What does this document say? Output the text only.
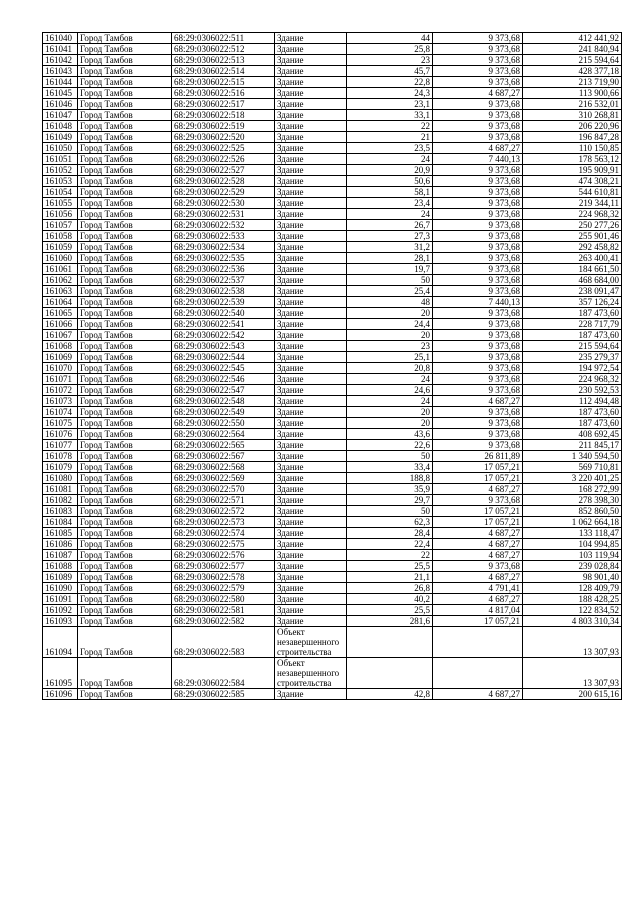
161040	Город Тамбов	68:29:0306022:511	Здание	44	9 373,68	412 441,92
161041	Город Тамбов	68:29:0306022:512	Здание	25,8	9 373,68	241 840,94
161042	Город Тамбов	68:29:0306022:513	Здание	23	9 373,68	215 594,64
161043	Город Тамбов	68:29:0306022:514	Здание	45,7	9 373,68	428 377,18
161044	Город Тамбов	68:29:0306022:515	Здание	22,8	9 373,68	213 719,90
161045	Город Тамбов	68:29:0306022:516	Здание	24,3	4 687,27	113 900,66
161046	Город Тамбов	68:29:0306022:517	Здание	23,1	9 373,68	216 532,01
161047	Город Тамбов	68:29:0306022:518	Здание	33,1	9 373,68	310 268,81
161048	Город Тамбов	68:29:0306022:519	Здание	22	9 373,68	206 220,96
161049	Город Тамбов	68:29:0306022:520	Здание	21	9 373,68	196 847,28
161050	Город Тамбов	68:29:0306022:525	Здание	23,5	4 687,27	110 150,85
161051	Город Тамбов	68:29:0306022:526	Здание	24	7 440,13	178 563,12
161052	Город Тамбов	68:29:0306022:527	Здание	20,9	9 373,68	195 909,91
161053	Город Тамбов	68:29:0306022:528	Здание	50,6	9 373,68	474 308,21
161054	Город Тамбов	68:29:0306022:529	Здание	58,1	9 373,68	544 610,81
161055	Город Тамбов	68:29:0306022:530	Здание	23,4	9 373,68	219 344,11
161056	Город Тамбов	68:29:0306022:531	Здание	24	9 373,68	224 968,32
161057	Город Тамбов	68:29:0306022:532	Здание	26,7	9 373,68	250 277,26
161058	Город Тамбов	68:29:0306022:533	Здание	27,3	9 373,68	255 901,46
161059	Город Тамбов	68:29:0306022:534	Здание	31,2	9 373,68	292 458,82
161060	Город Тамбов	68:29:0306022:535	Здание	28,1	9 373,68	263 400,41
161061	Город Тамбов	68:29:0306022:536	Здание	19,7	9 373,68	184 661,50
161062	Город Тамбов	68:29:0306022:537	Здание	50	9 373,68	468 684,00
161063	Город Тамбов	68:29:0306022:538	Здание	25,4	9 373,68	238 091,47
161064	Город Тамбов	68:29:0306022:539	Здание	48	7 440,13	357 126,24
161065	Город Тамбов	68:29:0306022:540	Здание	20	9 373,68	187 473,60
161066	Город Тамбов	68:29:0306022:541	Здание	24,4	9 373,68	228 717,79
161067	Город Тамбов	68:29:0306022:542	Здание	20	9 373,68	187 473,60
161068	Город Тамбов	68:29:0306022:543	Здание	23	9 373,68	215 594,64
161069	Город Тамбов	68:29:0306022:544	Здание	25,1	9 373,68	235 279,37
161070	Город Тамбов	68:29:0306022:545	Здание	20,8	9 373,68	194 972,54
161071	Город Тамбов	68:29:0306022:546	Здание	24	9 373,68	224 968,32
161072	Город Тамбов	68:29:0306022:547	Здание	24,6	9 373,68	230 592,53
161073	Город Тамбов	68:29:0306022:548	Здание	24	4 687,27	112 494,48
161074	Город Тамбов	68:29:0306022:549	Здание	20	9 373,68	187 473,60
161075	Город Тамбов	68:29:0306022:550	Здание	20	9 373,68	187 473,60
161076	Город Тамбов	68:29:0306022:564	Здание	43,6	9 373,68	408 692,45
161077	Город Тамбов	68:29:0306022:565	Здание	22,6	9 373,68	211 845,17
161078	Город Тамбов	68:29:0306022:567	Здание	50	26 811,89	1 340 594,50
161079	Город Тамбов	68:29:0306022:568	Здание	33,4	17 057,21	569 710,81
161080	Город Тамбов	68:29:0306022:569	Здание	188,8	17 057,21	3 220 401,25
161081	Город Тамбов	68:29:0306022:570	Здание	35,9	4 687,27	168 272,99
161082	Город Тамбов	68:29:0306022:571	Здание	29,7	9 373,68	278 398,30
161083	Город Тамбов	68:29:0306022:572	Здание	50	17 057,21	852 860,50
161084	Город Тамбов	68:29:0306022:573	Здание	62,3	17 057,21	1 062 664,18
161085	Город Тамбов	68:29:0306022:574	Здание	28,4	4 687,27	133 118,47
161086	Город Тамбов	68:29:0306022:575	Здание	22,4	4 687,27	104 994,85
161087	Город Тамбов	68:29:0306022:576	Здание	22	4 687,27	103 119,94
161088	Город Тамбов	68:29:0306022:577	Здание	25,5	9 373,68	239 028,84
161089	Город Тамбов	68:29:0306022:578	Здание	21,1	4 687,27	98 901,40
161090	Город Тамбов	68:29:0306022:579	Здание	26,8	4 791,41	128 409,79
161091	Город Тамбов	68:29:0306022:580	Здание	40,2	4 687,27	188 428,25
161092	Город Тамбов	68:29:0306022:581	Здание	25,5	4 817,04	122 834,52
161093	Город Тамбов	68:29:0306022:582	Здание	281,6	17 057,21	4 803 310,34
161094	Город Тамбов	68:29:0306022:583	Объект незавершенного строительства			13 307,93
161095	Город Тамбов	68:29:0306022:584	Объект незавершенного строительства			13 307,93
161096	Город Тамбов	68:29:0306022:585	Здание	42,8	4 687,27	200 615,16
